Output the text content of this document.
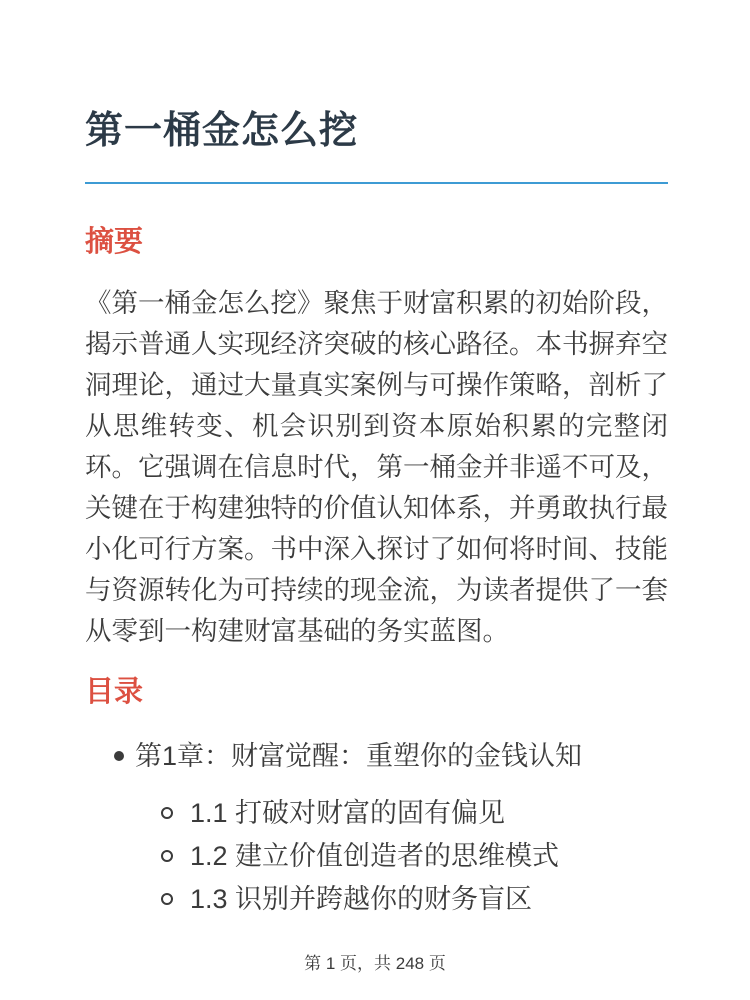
第一桶金怎么挖
摘要

《第一桶金怎么挖》聚焦于财富积累的初始阶段，揭示普通人实现经济突破的核心路径。本书摒弃空洞理论，通过大量真实案例与可操作策略，剖析了从思维转变、机会识别到资本原始积累的完整闭环。它强调在信息时代，第一桶金并非遥不可及，关键在于构建独特的价值认知体系，并勇敢执行最小化可行方案。书中深入探讨了如何将时间、技能与资源转化为可持续的现金流，为读者提供了一套从零到一构建财富基础的务实蓝图。

目录
第1章：财富觉醒：重塑你的金钱认知
1.1 打破对财富的固有偏见
1.2 建立价值创造者的思维模式
1.3 识别并跨越你的财务盲区
第 1 页，共 248 页
